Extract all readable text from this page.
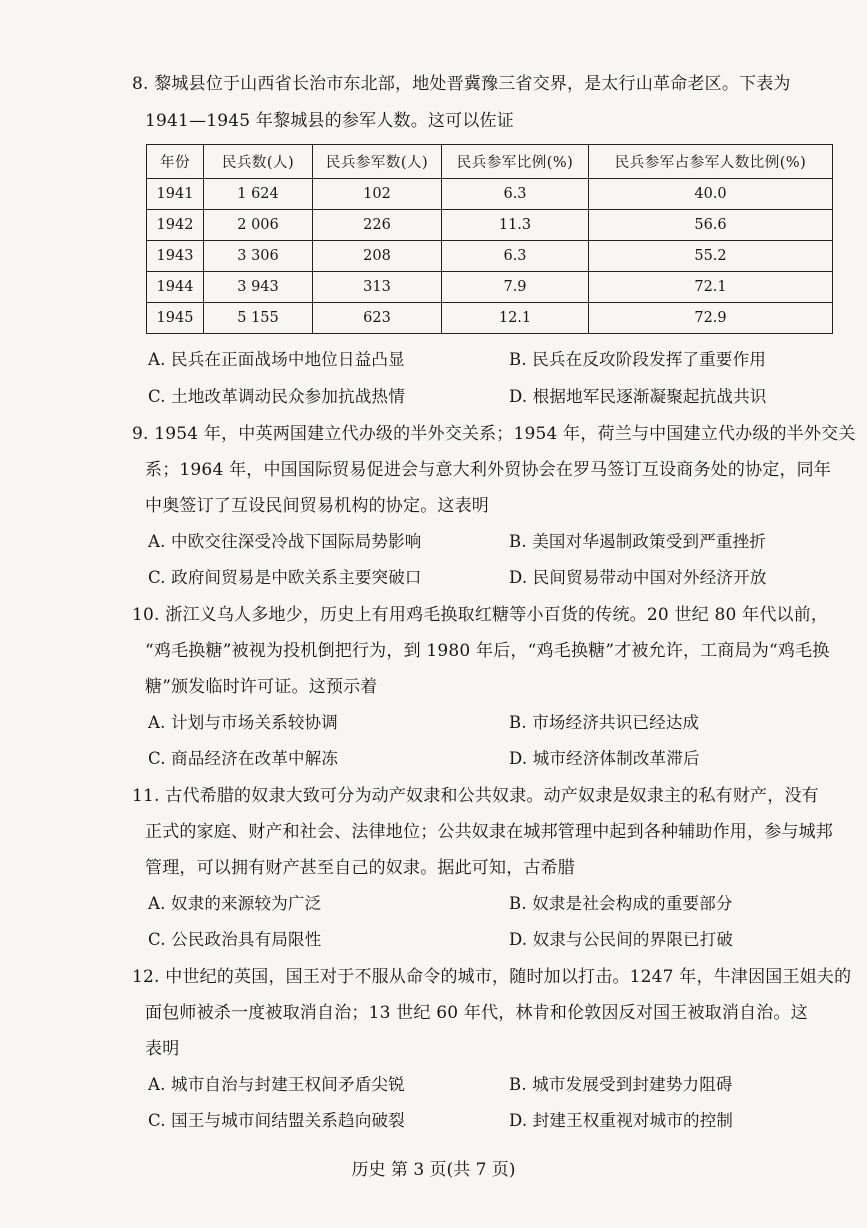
8. 黎城县位于山西省长治市东北部，地处晋冀豫三省交界，是太行山革命老区。下表为
1941—1945 年黎城县的参军人数。这可以佐证
年份	民兵数(人)	民兵参军数(人)	民兵参军比例(%)	民兵参军占参军人数比例(%)
1941	1 624	102	6.3	40.0
1942	2 006	226	11.3	56.6
1943	3 306	208	6.3	55.2
1944	3 943	313	7.9	72.1
1945	5 155	623	12.1	72.9
A. 民兵在正面战场中地位日益凸显	B. 民兵在反攻阶段发挥了重要作用
C. 土地改革调动民众参加抗战热情	D. 根据地军民逐渐凝聚起抗战共识
9. 1954 年，中英两国建立代办级的半外交关系；1954 年，荷兰与中国建立代办级的半外交关
系；1964 年，中国国际贸易促进会与意大利外贸协会在罗马签订互设商务处的协定，同年
中奥签订了互设民间贸易机构的协定。这表明
A. 中欧交往深受冷战下国际局势影响	B. 美国对华遏制政策受到严重挫折
C. 政府间贸易是中欧关系主要突破口	D. 民间贸易带动中国对外经济开放
10. 浙江义乌人多地少，历史上有用鸡毛换取红糖等小百货的传统。20 世纪 80 年代以前，
“鸡毛换糖”被视为投机倒把行为，到 1980 年后，“鸡毛换糖”才被允许，工商局为“鸡毛换
糖”颁发临时许可证。这预示着
A. 计划与市场关系较协调	B. 市场经济共识已经达成
C. 商品经济在改革中解冻	D. 城市经济体制改革滞后
11. 古代希腊的奴隶大致可分为动产奴隶和公共奴隶。动产奴隶是奴隶主的私有财产，没有
正式的家庭、财产和社会、法律地位；公共奴隶在城邦管理中起到各种辅助作用，参与城邦
管理，可以拥有财产甚至自己的奴隶。据此可知，古希腊
A. 奴隶的来源较为广泛	B. 奴隶是社会构成的重要部分
C. 公民政治具有局限性	D. 奴隶与公民间的界限已打破
12. 中世纪的英国，国王对于不服从命令的城市，随时加以打击。1247 年，牛津因国王姐夫的
面包师被杀一度被取消自治；13 世纪 60 年代，林肯和伦敦因反对国王被取消自治。这
表明
A. 城市自治与封建王权间矛盾尖锐	B. 城市发展受到封建势力阻碍
C. 国王与城市间结盟关系趋向破裂	D. 封建王权重视对城市的控制
历史 第 3 页(共 7 页)
